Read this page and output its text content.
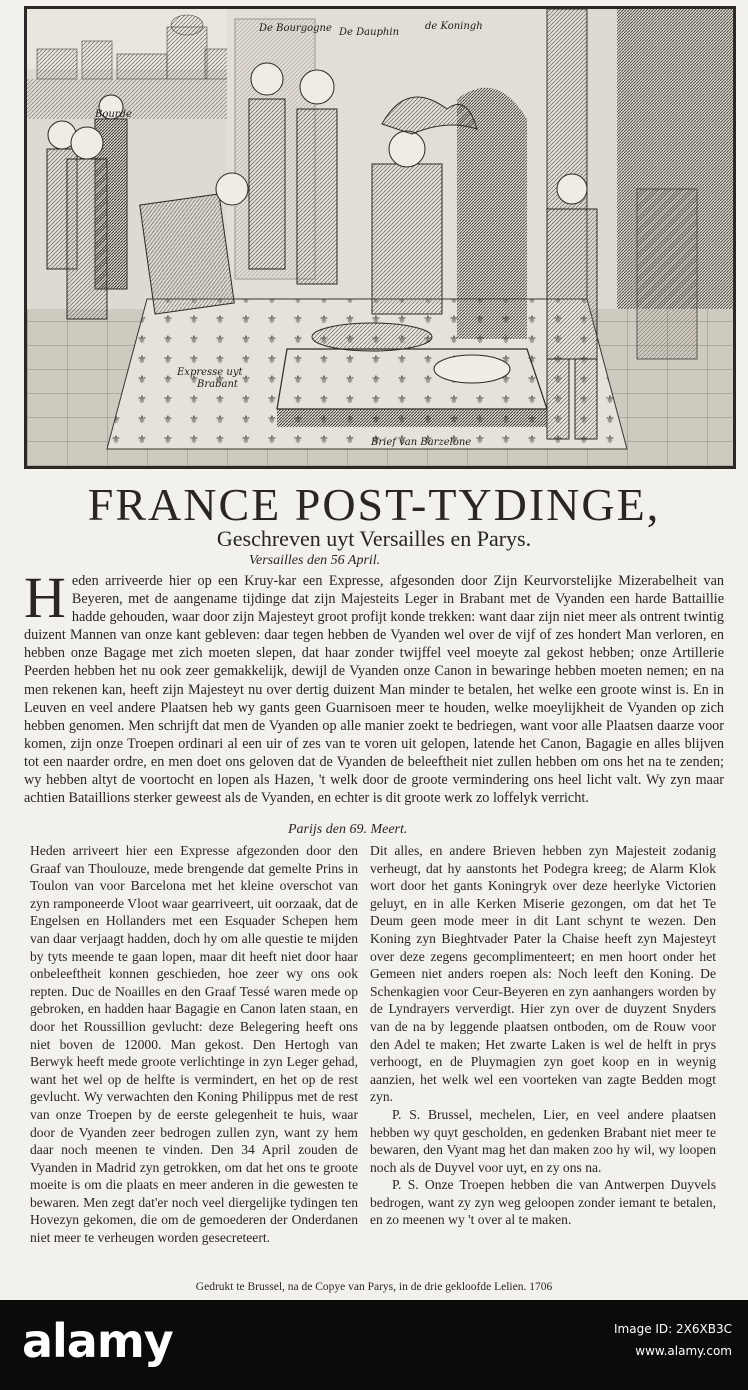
De Bourgogne De Dauphin
de Koningh
Bourde
Expresse uyt
Brabant
Brief van Barzelone
FRANCE POST-TYDINGE,
Geschreven uyt Versailles en Parys.
Versailles den 56 April.
Heden arriveerde hier op een Kruy-kar een Expresse, afgesonden door Zijn Keurvorstelijke Mizerabelheit van Beyeren, met de aangename tijdinge dat zijn Majesteits Leger in Brabant met de Vyanden een harde Battaillie hadde gehouden, waar door zijn Majesteyt groot profijt konde trekken: want daar zijn niet meer als ontrent twintig duizent Mannen van onze kant gebleven: daar tegen hebben de Vyanden wel over de vijf of zes hondert Man verloren, en hebben onze Bagage met zich moeten slepen, dat haar zonder twijffel veel moeyte zal gekost hebben; onze Artillerie Peerden hebben het nu ook zeer gemakkelijk, dewijl de Vyanden onze Canon in bewaringe hebben moeten nemen; en na men rekenen kan, heeft zijn Majesteyt nu over dertig duizent Man minder te betalen, het welke een groote winst is. En in Leuven en veel andere Plaatsen heb wy gants geen Guarnisoen meer te houden, welke moeylijkheit de Vyanden op zich hebben genomen. Men schrijft dat men de Vyanden op alle manier zoekt te bedriegen, want voor alle Plaatsen daarze voor komen, zijn onze Troepen ordinari al een uir of zes van te voren uit gelopen, latende het Canon, Bagagie en alles blijven tot een naarder ordre, en men doet ons geloven dat de Vyanden de beleeftheit niet zullen hebben om ons het na te zenden; wy hebben altyt de voortocht en lopen als Hazen, 't welk door de groote vermindering ons heel licht valt. Wy zyn maar achtien Bataillions sterker geweest als de Vyanden, en echter is dit groote werk zo loffelyk verricht.
Parijs den 69. Meert.

Heden arriveert hier een Expresse afgezonden door den Graaf van Thoulouze, mede brengende dat gemelte Prins in Toulon van voor Barcelona met het kleine overschot van zyn ramponeerde Vloot waar gearriveert, uit oorzaak, dat de Engelsen en Hollanders met een Esquader Schepen hem van daar verjaagt hadden, doch hy om alle questie te mijden by tyts meende te gaan lopen, maar dit heeft niet door haar onbeleeftheit konnen geschieden, hoe zeer wy ons ook repten. Duc de Noailles en den Graaf Tessé waren mede op gebroken, en hadden haar Bagagie en Canon laten staan, en door het Roussillion gevlucht: deze Belegering heeft ons niet boven de 12000. Man gekost. Den Hertogh van Berwyk heeft mede groote verlichtinge in zyn Leger gehad, want het wel op de helfte is vermindert, en het op de rest gevlucht. Wy verwachten den Koning Philippus met de rest van onze Troepen by de eerste gelegenheit te huis, waar door de Vyanden zeer bedrogen zullen zyn, want zy hem daar noch meenen te vinden. Den 34 April zouden de Vyanden in Madrid zyn getrokken, om dat het ons te groote moeite is om die plaats en meer anderen in die gewesten te bewaren. Men zegt dat'er noch veel diergelijke tydingen ten Hovezyn gekomen, die om de gemoederen der Onderdanen niet meer te verheugen worden gesecreteert.

Dit alles, en andere Brieven hebben zyn Majesteit zodanig verheugt, dat hy aanstonts het Podegra kreeg; de Alarm Klok wort door het gants Koningryk over deze heerlyke Victorien geluyt, en in alle Kerken Miserie gezongen, om dat het Te Deum geen mode meer in dit Lant schynt te wezen. Den Koning zyn Bieghtvader Pater la Chaise heeft zyn Majesteyt over deze zegens gecomplimenteert; en men hoort onder het Gemeen niet anders roepen als: Noch leeft den Koning. De Schenkagien voor Ceur-Beyeren en zyn aanhangers worden by de Lyndrayers ververdigt. Hier zyn over de duyzent Snyders van de na by leggende plaatsen ontboden, om de Rouw voor den Adel te maken; Het zwarte Laken is wel de helft in prys verhoogt, en de Pluymagien zyn goet koop en in weynig aanzien, het welk wel een voorteken van zagte Bedden mogt zyn.

P. S. Brussel, mechelen, Lier, en veel andere plaatsen hebben wy quyt gescholden, en gedenken Brabant niet meer te bewaren, den Vyant mag het dan maken zoo hy wil, wy loopen noch als de Duyvel voor uyt, en zy ons na.

P. S. Onze Troepen hebben die van Antwerpen Duyvels bedrogen, want zy zyn weg geloopen zonder iemant te betalen, en zo meenen wy 't over al te maken.

Gedrukt te Brussel, na de Copye van Parys, in de drie gekloofde Lelien. 1706
alamy	Image ID: 2X6XB3C
www.alamy.com
